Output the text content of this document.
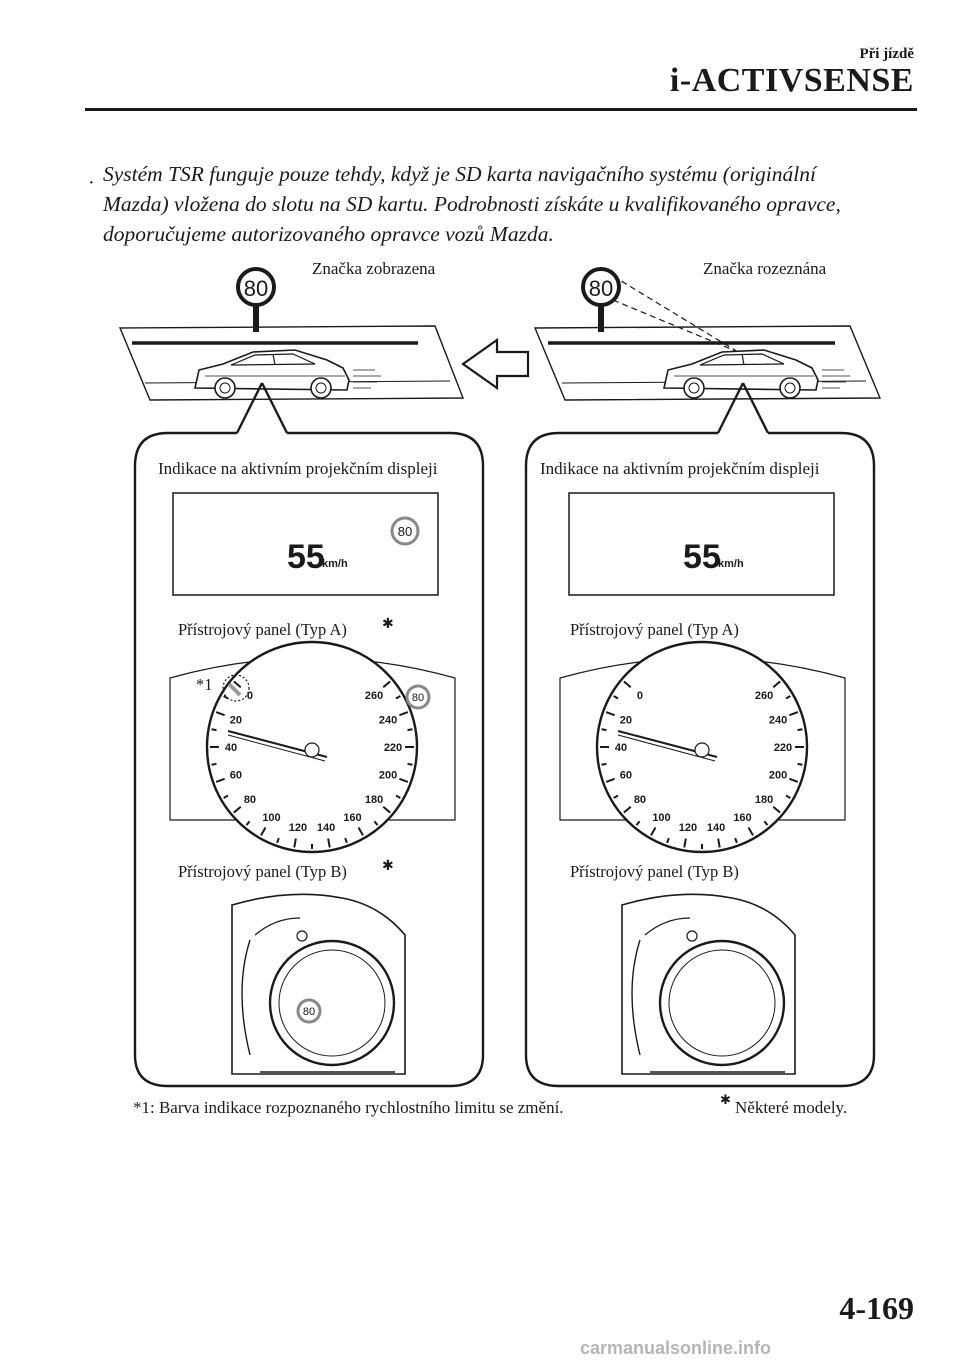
Při jízdě
i-ACTIVSENSE
· Systém TSR funguje pouze tehdy, když je SD karta navigačního systému (originální
Mazda) vložena do slotu na SD kartu. Podrobnosti získáte u kvalifikovaného opravce,
doporučujeme autorizovaného opravce vozů Mazda.
0
20
40
60
80
100
120 140
160
180
200
220
240
260	0
20
40
60
80
100
120 140
160
180
200
220
240
260
80	80
80
80
80
Značka zobrazena
Indikace na aktivním projekčním displeji
55
km/h
Přístrojový panel (Typ A)	✱
*1
Přístrojový panel (Typ B)	✱
Značka rozeznána
Indikace na aktivním projekčním displeji
55
km/h
Přístrojový panel (Typ A)
Přístrojový panel (Typ B)
*1: Barva indikace rozpoznaného rychlostního limitu se změní.	✱ Některé modely.
4-169
carmanualsonline.info
